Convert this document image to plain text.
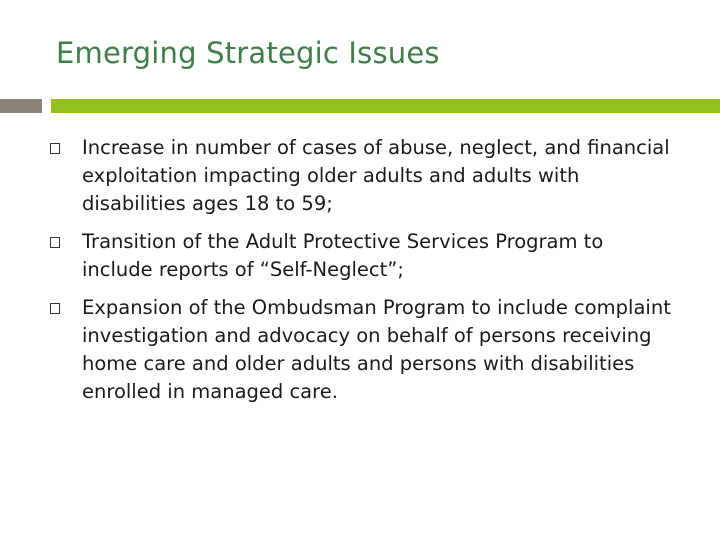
Emerging Strategic Issues
Increase in number of cases of abuse, neglect, and financial exploitation impacting older adults and adults with disabilities ages 18 to 59;
Transition of the Adult Protective Services Program to include reports of “Self-Neglect”;
Expansion of the Ombudsman Program to include complaint investigation and advocacy on behalf of persons receiving home care and older adults and persons with disabilities enrolled in managed care.
